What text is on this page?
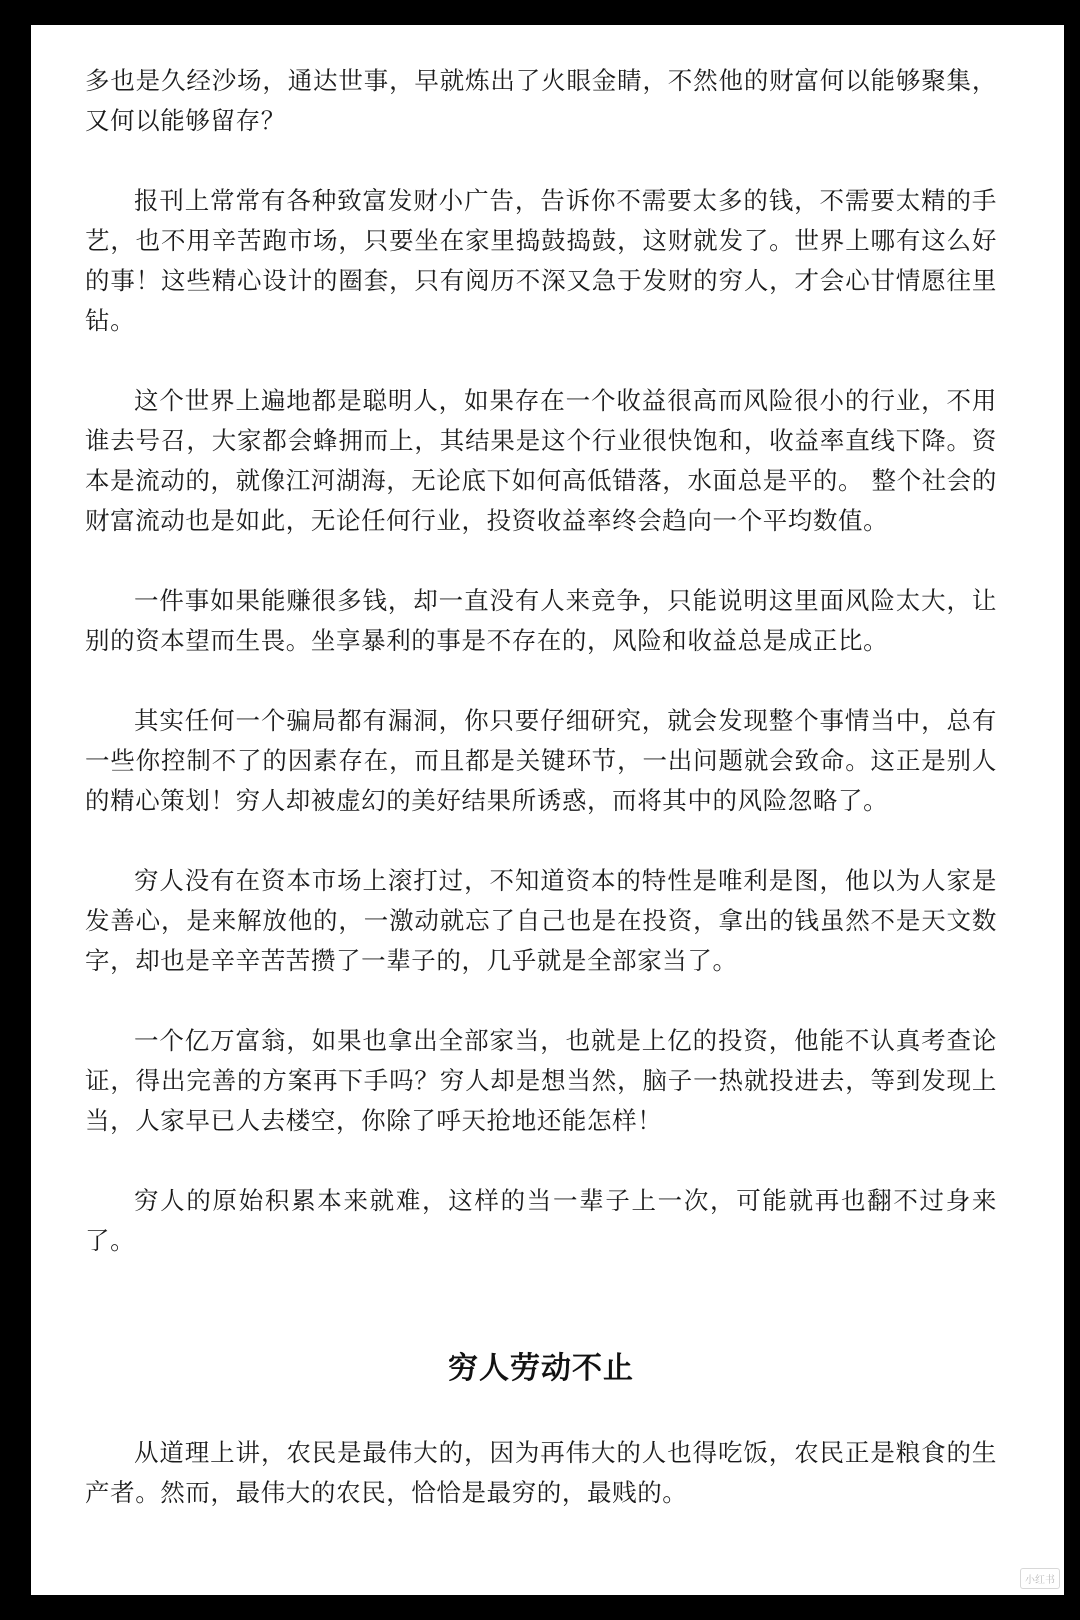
多也是久经沙场，通达世事，早就炼出了火眼金睛，不然他的财富何以能够聚集，又何以能够留存？

报刊上常常有各种致富发财小广告，告诉你不需要太多的钱，不需要太精的手艺，也不用辛苦跑市场，只要坐在家里捣鼓捣鼓，这财就发了。世界上哪有这么好的事！这些精心设计的圈套，只有阅历不深又急于发财的穷人，才会心甘情愿往里钻。

这个世界上遍地都是聪明人，如果存在一个收益很高而风险很小的行业，不用谁去号召，大家都会蜂拥而上，其结果是这个行业很快饱和，收益率直线下降。资本是流动的，就像江河湖海，无论底下如何高低错落，水面总是平的。 整个社会的财富流动也是如此，无论任何行业，投资收益率终会趋向一个平均数值。

一件事如果能赚很多钱，却一直没有人来竞争，只能说明这里面风险太大，让别的资本望而生畏。坐享暴利的事是不存在的，风险和收益总是成正比。

其实任何一个骗局都有漏洞，你只要仔细研究，就会发现整个事情当中，总有一些你控制不了的因素存在，而且都是关键环节，一出问题就会致命。这正是别人的精心策划！穷人却被虚幻的美好结果所诱惑，而将其中的风险忽略了。

穷人没有在资本市场上滚打过，不知道资本的特性是唯利是图，他以为人家是发善心，是来解放他的，一激动就忘了自己也是在投资，拿出的钱虽然不是天文数字，却也是辛辛苦苦攒了一辈子的，几乎就是全部家当了。

一个亿万富翁，如果也拿出全部家当，也就是上亿的投资，他能不认真考查论证，得出完善的方案再下手吗？穷人却是想当然，脑子一热就投进去，等到发现上当，人家早已人去楼空，你除了呼天抢地还能怎样！

穷人的原始积累本来就难，这样的当一辈子上一次，可能就再也翻不过身来了。

穷人劳动不止

从道理上讲，农民是最伟大的，因为再伟大的人也得吃饭，农民正是粮食的生产者。然而，最伟大的农民，恰恰是最穷的，最贱的。

小红书
